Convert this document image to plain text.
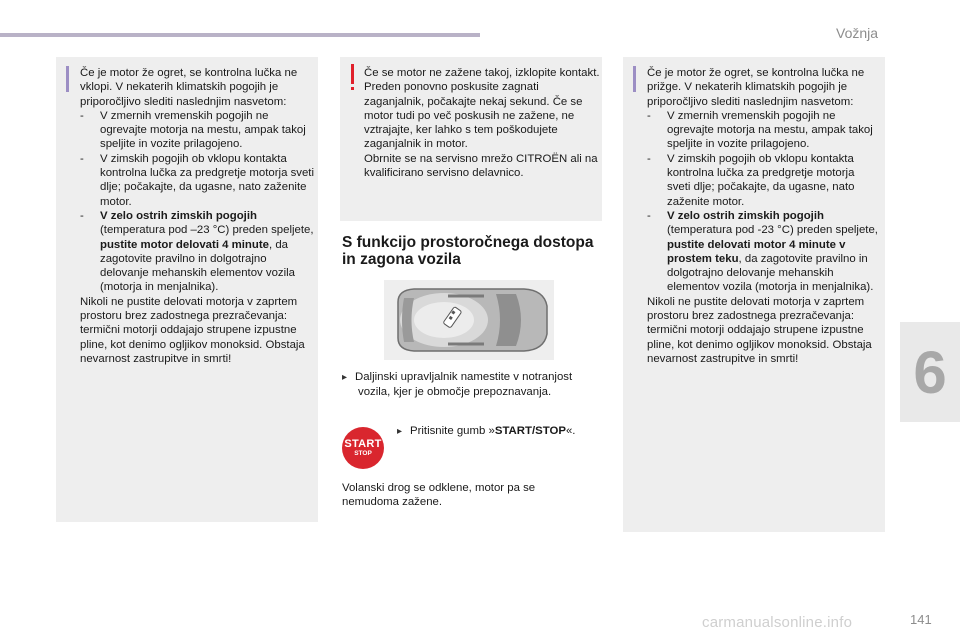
Vožnja

Če je motor že ogret, se kontrolna lučka ne vklopi. V nekaterih klimatskih pogojih je priporočljivo slediti naslednjim nasvetom:

- V zmernih vremenskih pogojih ne ogrevajte motorja na mestu, ampak takoj speljite in vozite prilagojeno.

- V zimskih pogojih ob vklopu kontakta kontrolna lučka za predgretje motorja sveti dlje; počakajte, da ugasne, nato zaženite motor.

- V zelo ostrih zimskih pogojih (temperatura pod –23 °C) preden speljete, pustite motor delovati 4 minute, da zagotovite pravilno in dolgotrajno delovanje mehanskih elementov vozila (motorja in menjalnika).

Nikoli ne pustite delovati motorja v zaprtem prostoru brez zadostnega prezračevanja: termični motorji oddajajo strupene izpustne pline, kot denimo ogljikov monoksid. Obstaja nevarnost zastrupitve in smrti!

Če se motor ne zažene takoj, izklopite kontakt.

Preden ponovno poskusite zagnati zaganjalnik, počakajte nekaj sekund. Če se motor tudi po več poskusih ne zažene, ne vztrajajte, ker lahko s tem poškodujete zaganjalnik in motor.

Obrnite se na servisno mrežo CITROËN ali na kvalificirano servisno delavnico.

S funkcijo prostoročnega dostopa in zagona vozila
▸ Daljinski upravljalnik namestite v notranjost vozila, kjer je območje prepoznavanja.
START
STOP
▸ Pritisnite gumb »START/STOP«.
Volanski drog se odklene, motor pa se nemudoma zažene.

Če je motor že ogret, se kontrolna lučka ne prižge. V nekaterih klimatskih pogojih je priporočljivo slediti naslednjim nasvetom:

- V zmernih vremenskih pogojih ne ogrevajte motorja na mestu, ampak takoj speljite in vozite prilagojeno.

- V zimskih pogojih ob vklopu kontakta kontrolna lučka za predgretje motorja sveti dlje; počakajte, da ugasne, nato zaženite motor.

- V zelo ostrih zimskih pogojih (temperatura pod -23 °C) preden speljete, pustite delovati motor 4 minute v prostem teku, da zagotovite pravilno in dolgotrajno delovanje mehanskih elementov vozila (motorja in menjalnika).

Nikoli ne pustite delovati motorja v zaprtem prostoru brez zadostnega prezračevanja: termični motorji oddajajo strupene izpustne pline, kot denimo ogljikov monoksid. Obstaja nevarnost zastrupitve in smrti!	6
carmanualsonline.info	141
